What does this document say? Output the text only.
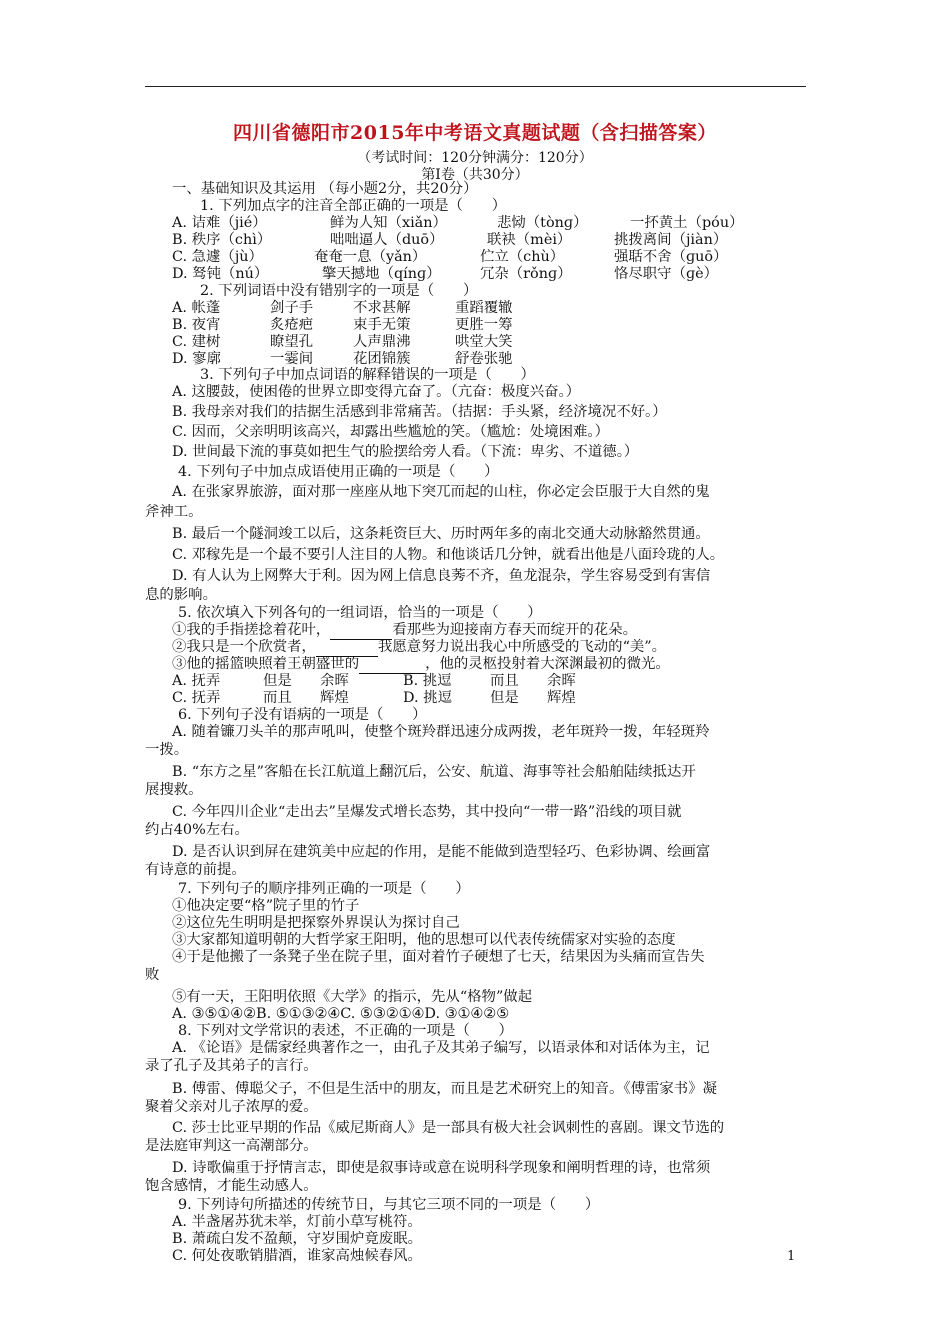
四川省德阳市2015年中考语文真题试题（含扫描答案）
（考试时间：120分钟满分：120分）
第Ⅰ卷（共30分）
一、基础知识及其运用 （每小题2分，共20分）
1. 下列加点字的注音全部正确的一项是（　　）
A. 诘难（jié）	鲜为人知（xiǎn）	悲恸（tònɡ）	一抔黄土（póu）
B. 秩序（chì）	咄咄逼人（duō）	联袂（mèi）	挑拨离间（jiàn）
C. 急遽（jù）	奄奄一息（yǎn）	伫立（chù）	强聒不舍（ɡuō）
D. 驽钝（nú）	擎天撼地（qínɡ）	冗杂（rǒnɡ）	恪尽职守（ɡè）
2. 下列词语中没有错别字的一项是（　　）
A. 帐蓬	剑子手	不求甚解	重蹈覆辙
B. 夜宵	炙疮疤	束手无策	更胜一筹
C. 建树	瞭望孔	人声鼎沸	哄堂大笑
D. 寥廓	一霎间	花团锦簇	舒卷张驰
3. 下列句子中加点词语的解释错误的一项是（　　）
A. 这腰鼓，使困倦的世界立即变得亢奋了。（亢奋：极度兴奋。）
B. 我母亲对我们的拮据生活感到非常痛苦。（拮据：手头紧，经济境况不好。）
C. 因而，父亲明明该高兴，却露出些尴尬的笑。（尴尬：处境困难。）
D. 世间最下流的事莫如把生气的脸摆给旁人看。（下流：卑劣、不道德。）
4. 下列句子中加点成语使用正确的一项是（　　）
A. 在张家界旅游，面对那一座座从地下突兀而起的山柱，你必定会臣服于大自然的鬼
斧神工。
B. 最后一个隧洞竣工以后，这条耗资巨大、历时两年多的南北交通大动脉豁然贯通。
C. 邓稼先是一个最不要引人注目的人物。和他谈话几分钟，就看出他是八面玲珑的人。
D. 有人认为上网弊大于利。因为网上信息良莠不齐，鱼龙混杂，学生容易受到有害信
息的影响。
5. 依次填入下列各句的一组词语，恰当的一项是（　　）
①我的手指搓捻着花叶，	看那些为迎接南方春天而绽开的花朵。
②我只是一个欣赏者，	我愿意努力说出我心中所感受的飞动的“美”。
③他的摇篮映照着王朝盛世的	，他的灵柩投射着大深渊最初的微光。
A. 抚弄	但是 余晖	B. 挑逗	而且 余晖
C. 抚弄	而且 辉煌	D. 挑逗	但是 辉煌
6. 下列句子没有语病的一项是（　　）
A. 随着镰刀头羊的那声吼叫，使整个斑羚群迅速分成两拨，老年斑羚一拨，年轻斑羚
一拨。
B. “东方之星”客船在长江航道上翻沉后，公安、航道、海事等社会船舶陆续抵达开
展搜救。
C. 今年四川企业“走出去”呈爆发式增长态势，其中投向“一带一路”沿线的项目就
约占40%左右。
D. 是否认识到屏在建筑美中应起的作用，是能不能做到造型轻巧、色彩协调、绘画富
有诗意的前提。
7. 下列句子的顺序排列正确的一项是（　　）
①他决定要“格”院子里的竹子
②这位先生明明是把探察外界误认为探讨自己
③大家都知道明朝的大哲学家王阳明，他的思想可以代表传统儒家对实验的态度
④于是他搬了一条凳子坐在院子里，面对着竹子硬想了七天，结果因为头痛而宣告失
败
⑤有一天，王阳明依照《大学》的指示，先从“格物”做起
A. ③⑤①④②B. ⑤①③②④C. ⑤③②①④D. ③①④②⑤
8. 下列对文学常识的表述，不正确的一项是（　　）
A. 《论语》是儒家经典著作之一，由孔子及其弟子编写，以语录体和对话体为主，记
录了孔子及其弟子的言行。
B. 傅雷、傅聪父子，不但是生活中的朋友，而且是艺术研究上的知音。《傅雷家书》凝
聚着父亲对儿子浓厚的爱。
C. 莎士比亚早期的作品《威尼斯商人》是一部具有极大社会讽刺性的喜剧。课文节选的
是法庭审判这一高潮部分。
D. 诗歌偏重于抒情言志，即使是叙事诗或意在说明科学现象和阐明哲理的诗，也常须
饱含感情，才能生动感人。
9. 下列诗句所描述的传统节日，与其它三项不同的一项是（　　）
A. 半盏屠苏犹未举，灯前小草写桃符。
B. 萧疏白发不盈颠，守岁围炉竟废眠。
C. 何处夜歌销腊酒，谁家高烛候春风。	1
